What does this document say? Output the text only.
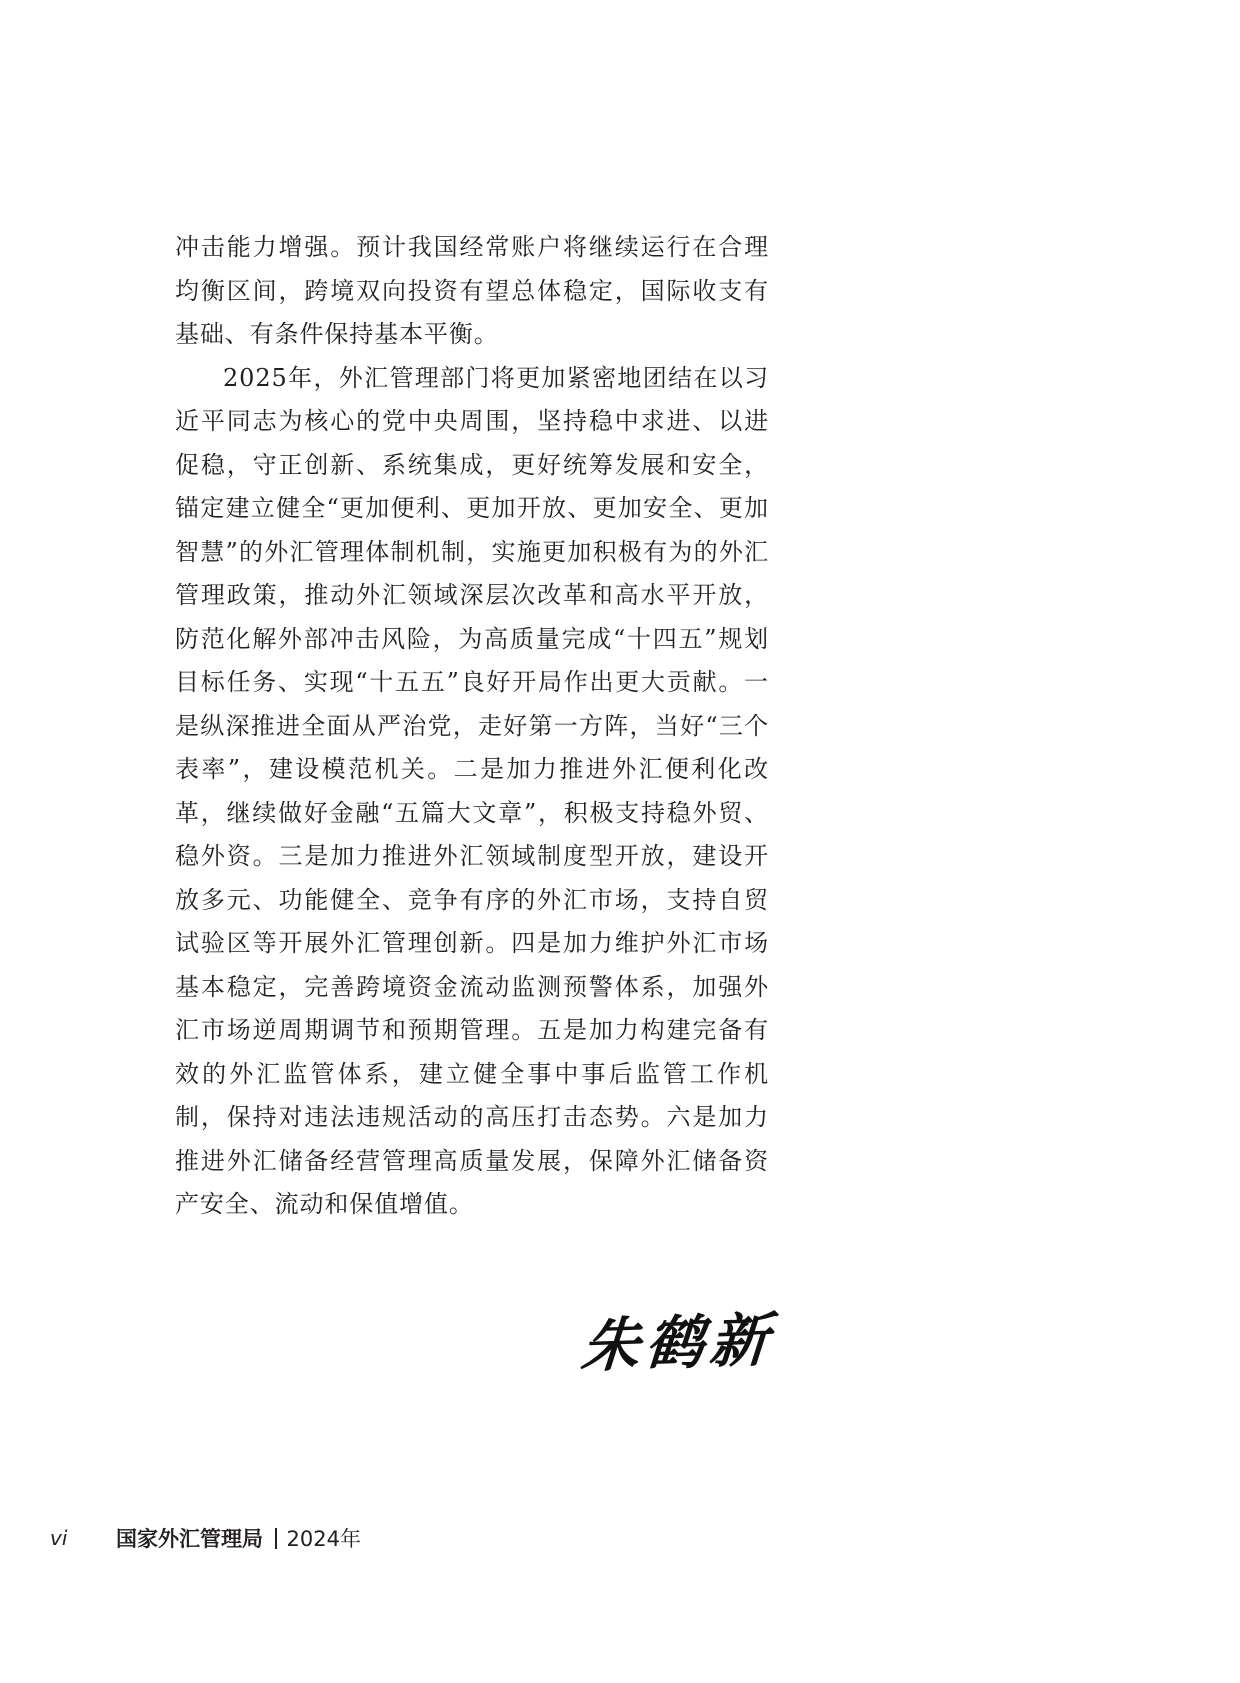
冲击能力增强。预计我国经常账户将继续运行在合理均衡区间，跨境双向投资有望总体稳定，国际收支有基础、有条件保持基本平衡。

2025年，外汇管理部门将更加紧密地团结在以习近平同志为核心的党中央周围，坚持稳中求进、以进促稳，守正创新、系统集成，更好统筹发展和安全，锚定建立健全“更加便利、更加开放、更加安全、更加智慧”的外汇管理体制机制，实施更加积极有为的外汇管理政策，推动外汇领域深层次改革和高水平开放，防范化解外部冲击风险，为高质量完成“十四五”规划目标任务、实现“十五五”良好开局作出更大贡献。一是纵深推进全面从严治党，走好第一方阵，当好“三个表率”，建设模范机关。二是加力推进外汇便利化改革，继续做好金融“五篇大文章”，积极支持稳外贸、稳外资。三是加力推进外汇领域制度型开放，建设开放多元、功能健全、竞争有序的外汇市场，支持自贸试验区等开展外汇管理创新。四是加力维护外汇市场基本稳定，完善跨境资金流动监测预警体系，加强外汇市场逆周期调节和预期管理。五是加力构建完备有效的外汇监管体系，建立健全事中事后监管工作机制，保持对违法违规活动的高压打击态势。六是加力推进外汇储备经营管理高质量发展，保障外汇储备资产安全、流动和保值增值。

朱鹤新
vi	国家外汇管理局 2024年
